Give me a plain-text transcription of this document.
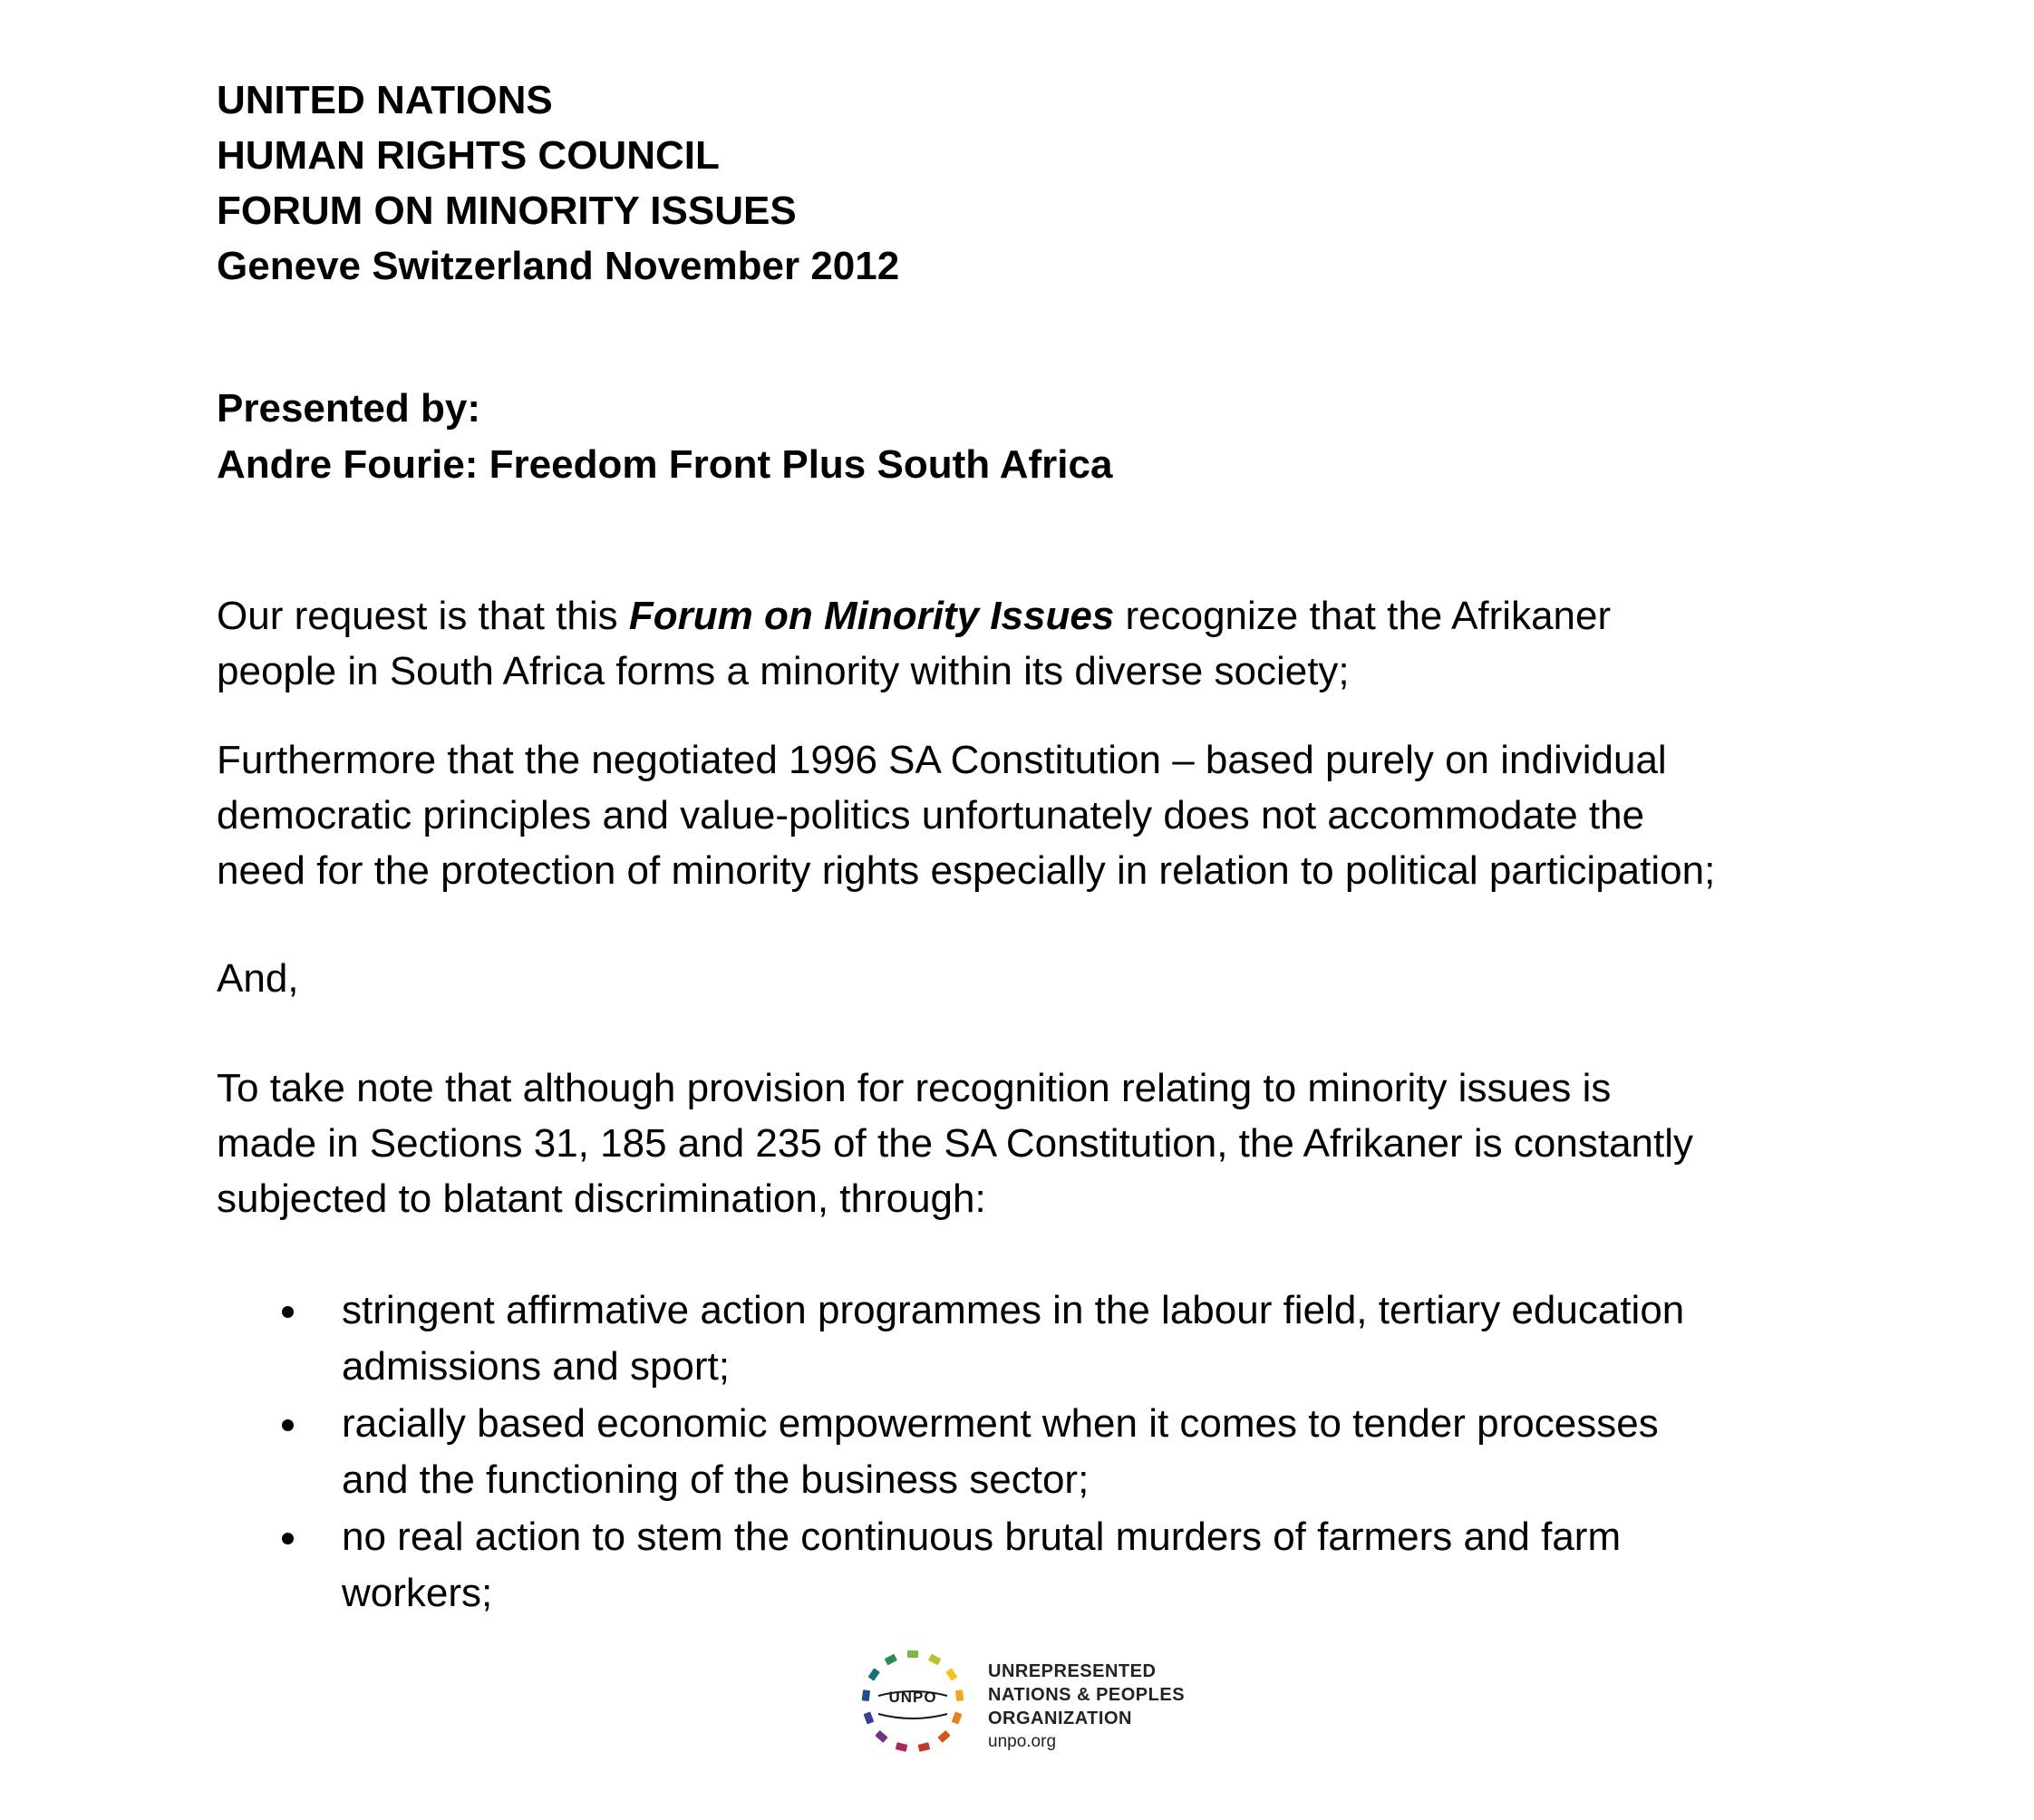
UNITED NATIONS
HUMAN RIGHTS COUNCIL
FORUM ON MINORITY ISSUES
Geneve Switzerland November 2012
Presented by:
Andre Fourie: Freedom Front Plus South Africa
Our request is that this Forum on Minority Issues recognize that the Afrikaner
people in South Africa forms a minority within its diverse society;
Furthermore that the negotiated 1996 SA Constitution – based purely on individual
democratic principles and value-politics unfortunately does not accommodate the
need for the protection of minority rights especially in relation to political participation;
And,
To take note that although provision for recognition relating to minority issues is
made in Sections 31, 185 and 235 of the SA Constitution, the Afrikaner is constantly
subjected to blatant discrimination, through:
stringent affirmative action programmes in the labour field, tertiary education
admissions and sport;
racially based economic empowerment when it comes to tender processes
and the functioning of the business sector;
no real action to stem the continuous brutal murders of farmers and farm
workers;
UNPO
UNREPRESENTED
NATIONS & PEOPLES
ORGANIZATION
unpo.org
